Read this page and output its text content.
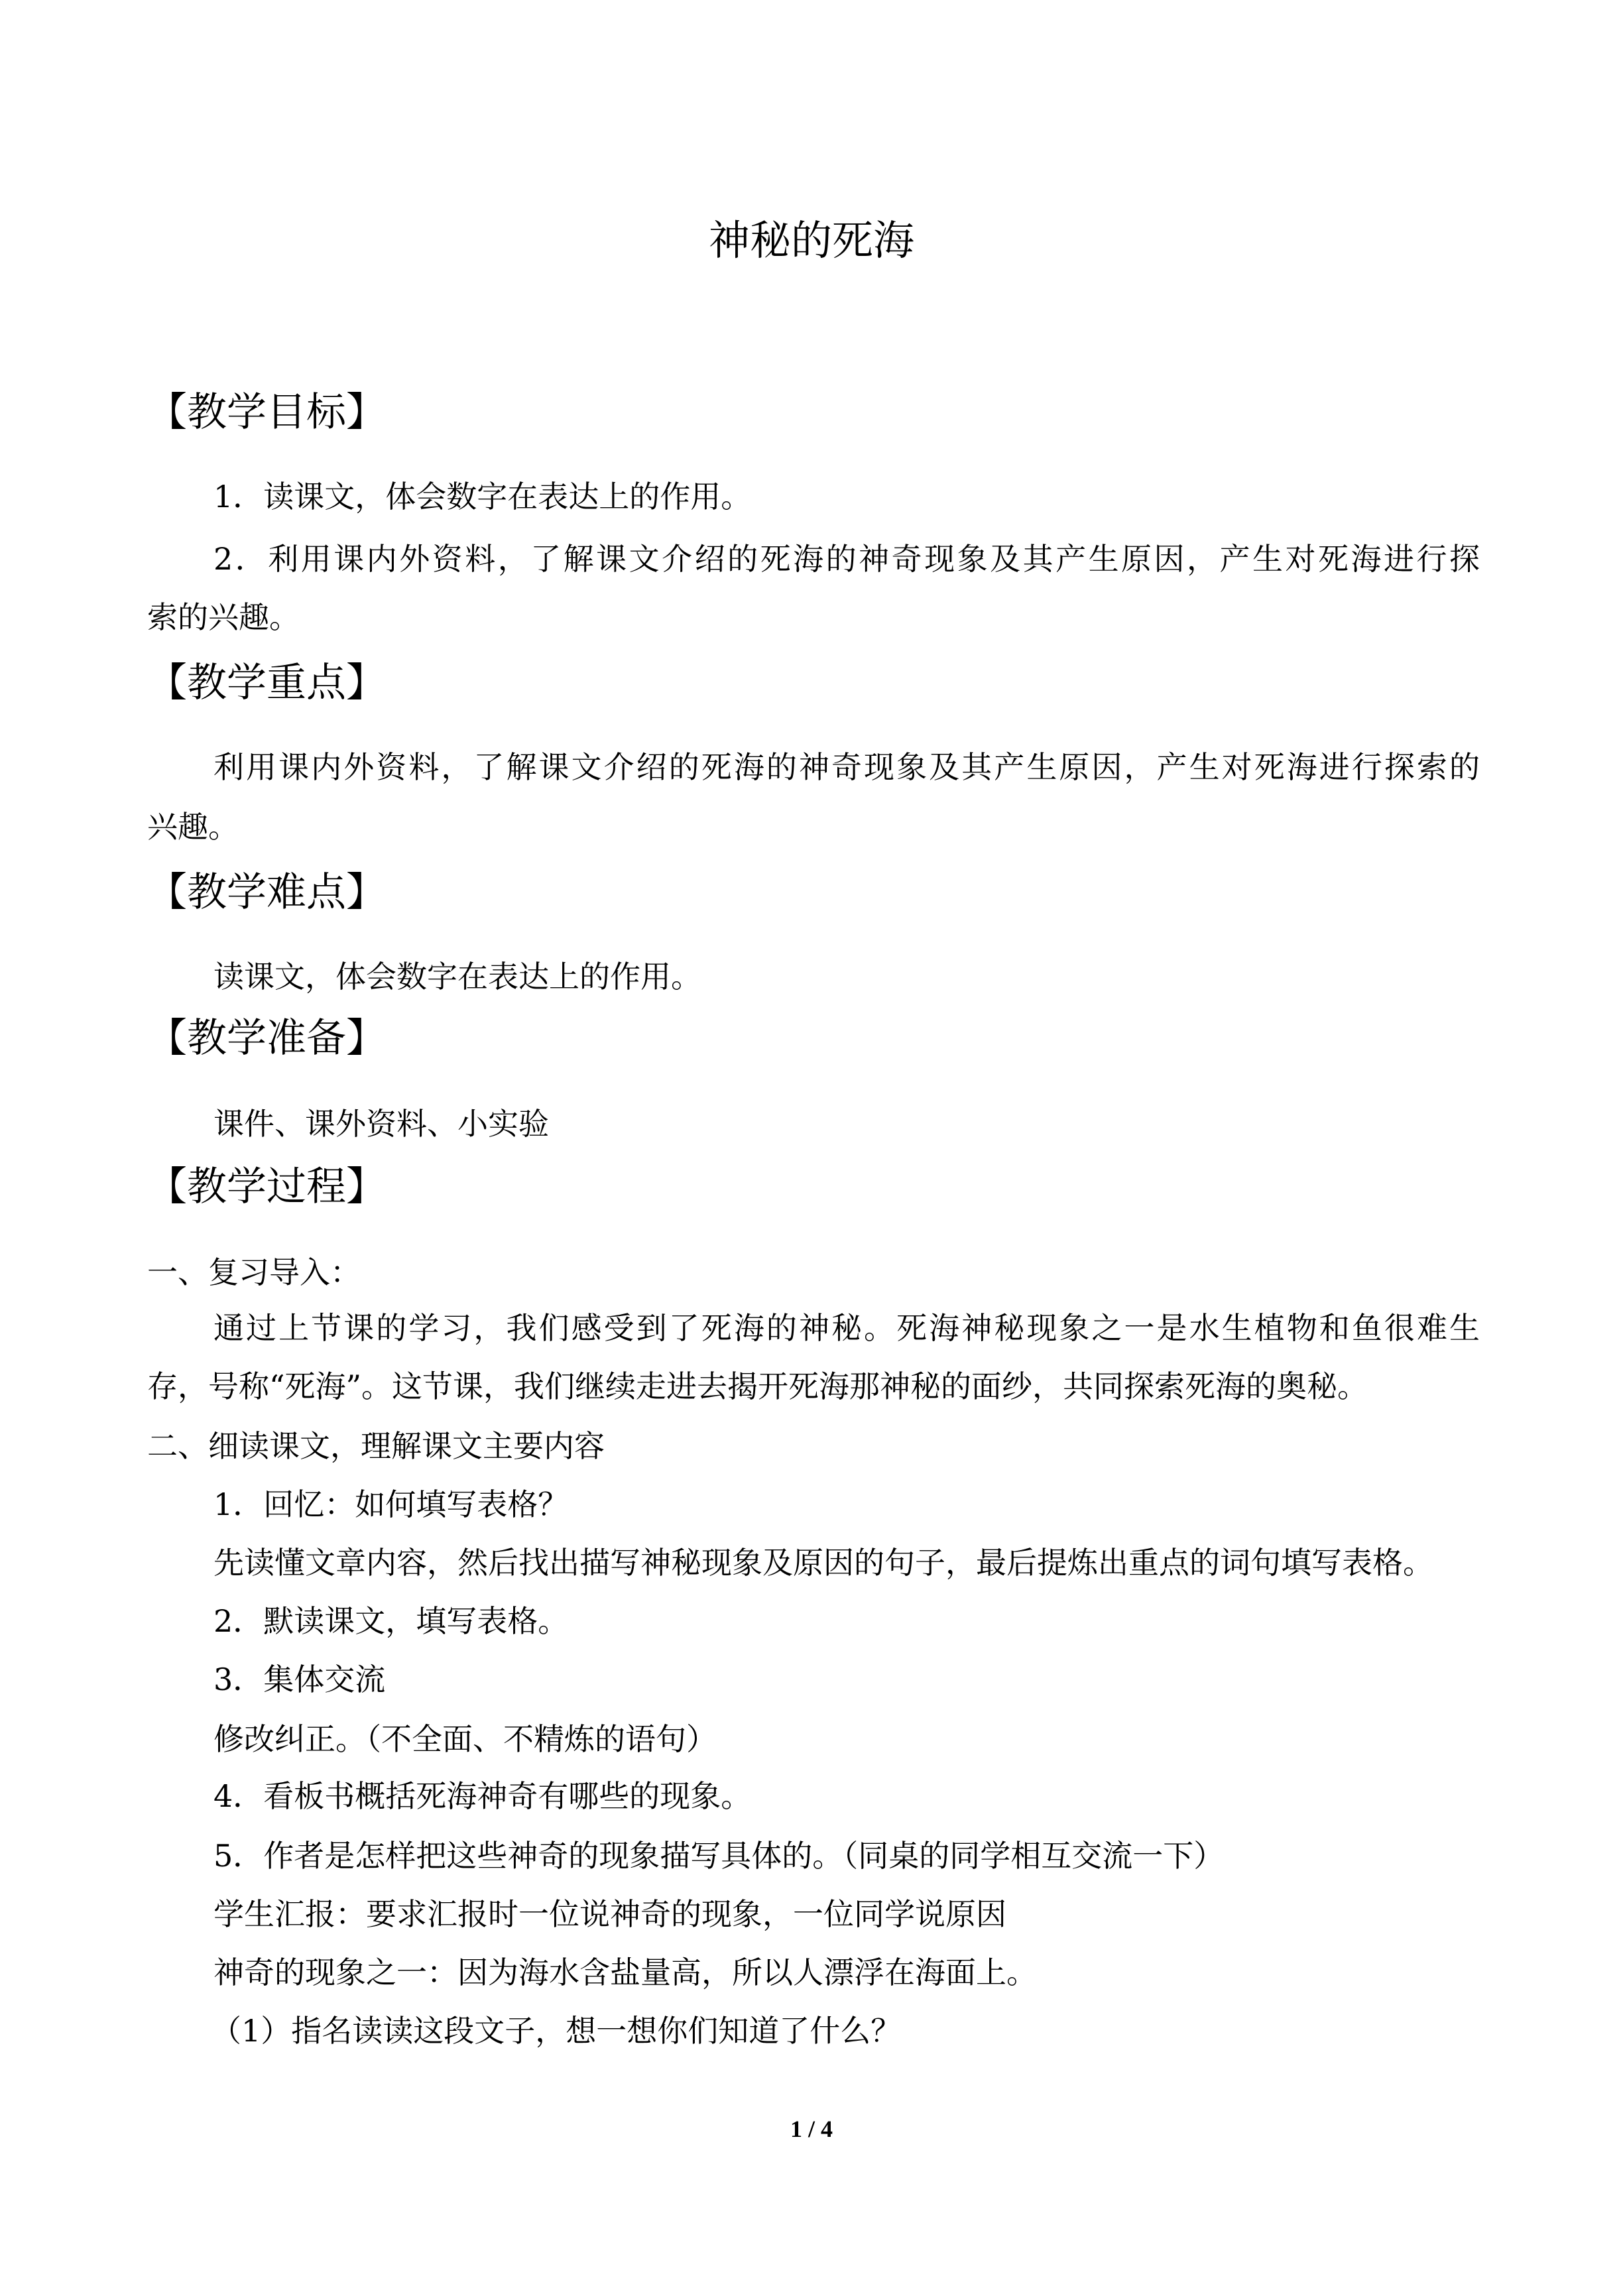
神秘的死海
【教学目标】

1．读课文，体会数字在表达上的作用。

2．利用课内外资料，了解课文介绍的死海的神奇现象及其产生原因，产生对死海进行探

索的兴趣。

【教学重点】

利用课内外资料，了解课文介绍的死海的神奇现象及其产生原因，产生对死海进行探索的

兴趣。

【教学难点】

读课文，体会数字在表达上的作用。

【教学准备】

课件、课外资料、小实验

【教学过程】

一、复习导入：

通过上节课的学习，我们感受到了死海的神秘。死海神秘现象之一是水生植物和鱼很难生

存，号称“死海”。这节课，我们继续走进去揭开死海那神秘的面纱，共同探索死海的奥秘。

二、细读课文，理解课文主要内容

1．回忆：如何填写表格？

先读懂文章内容，然后找出描写神秘现象及原因的句子，最后提炼出重点的词句填写表格。

2．默读课文，填写表格。

3．集体交流

修改纠正。（不全面、不精炼的语句）

4．看板书概括死海神奇有哪些的现象。

5．作者是怎样把这些神奇的现象描写具体的。（同桌的同学相互交流一下）

学生汇报：要求汇报时一位说神奇的现象，一位同学说原因

神奇的现象之一：因为海水含盐量高，所以人漂浮在海面上。

（1）指名读读这段文子，想一想你们知道了什么？

1 / 4
